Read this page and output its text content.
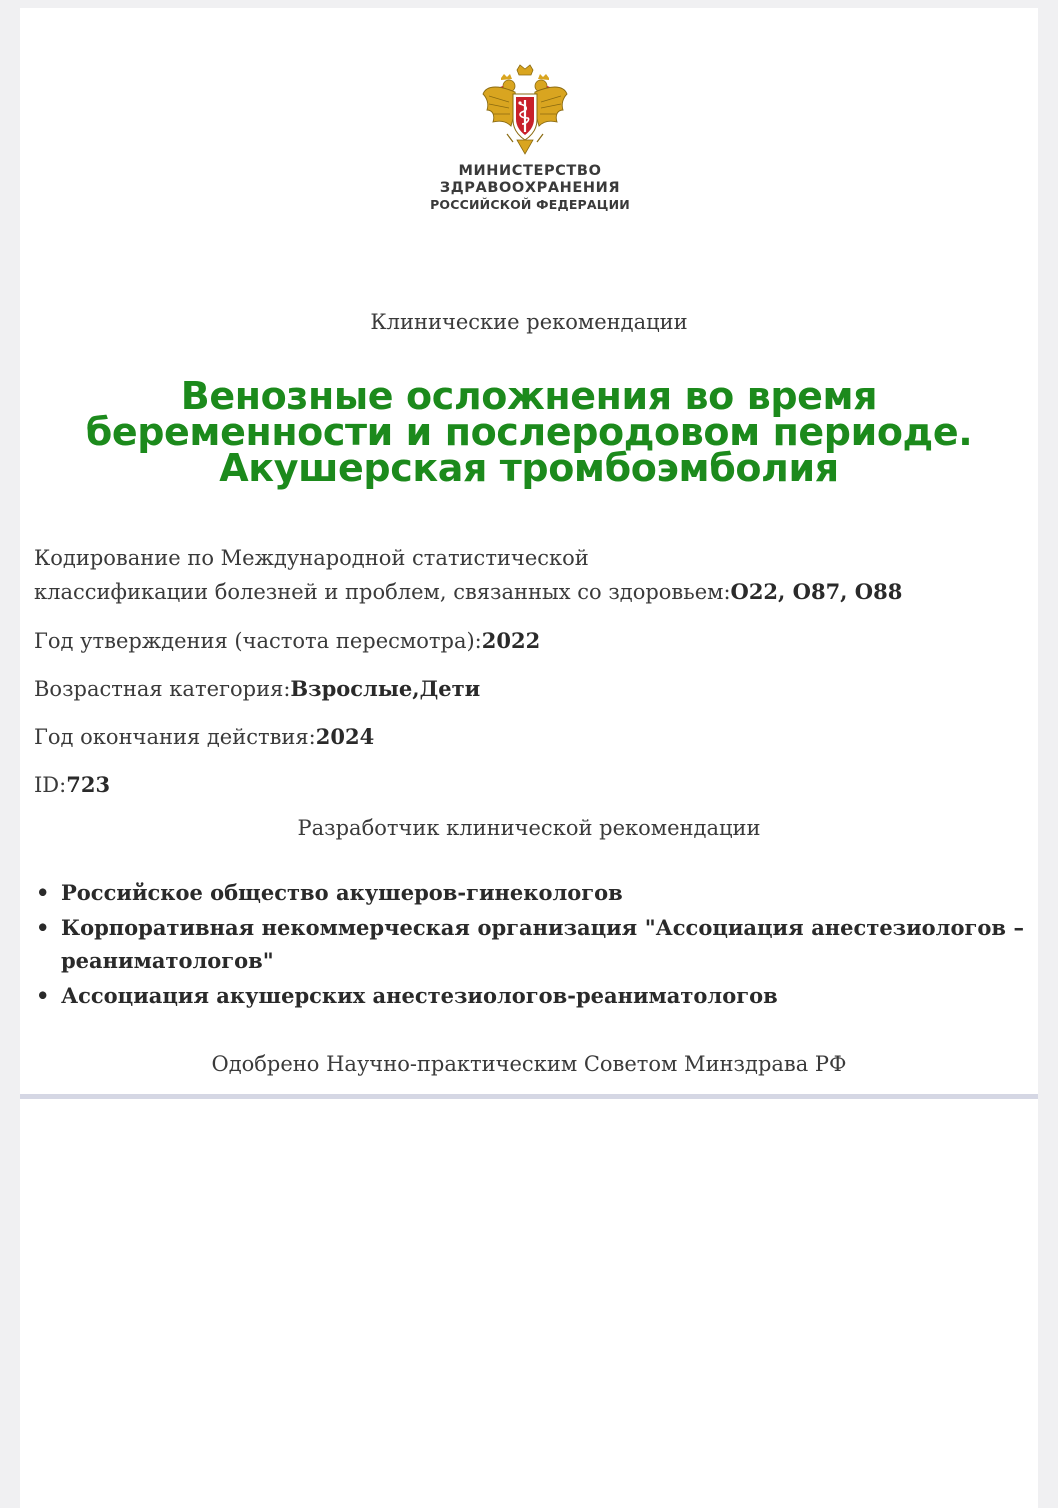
МИНИСТЕРСТВО
ЗДРАВООХРАНЕНИЯ
РОССИЙСКОЙ ФЕДЕРАЦИИ
Клинические рекомендации
Венозные осложнения во время
беременности и послеродовом периоде.
Акушерская тромбоэмболия
Кодирование по Международной статистической
классификации болезней и проблем, связанных со здоровьем:O22, O87, O88
Год утверждения (частота пересмотра):2022
Возрастная категория:Взрослые,Дети
Год окончания действия:2024
ID:723
Разработчик клинической рекомендации
• Российское общество акушеров-гинекологов
• Корпоративная некоммерческая организация "Ассоциация анестезиологов – реаниматологов"
• Ассоциация акушерских анестезиологов-реаниматологов
Одобрено Научно-практическим Советом Минздрава РФ
